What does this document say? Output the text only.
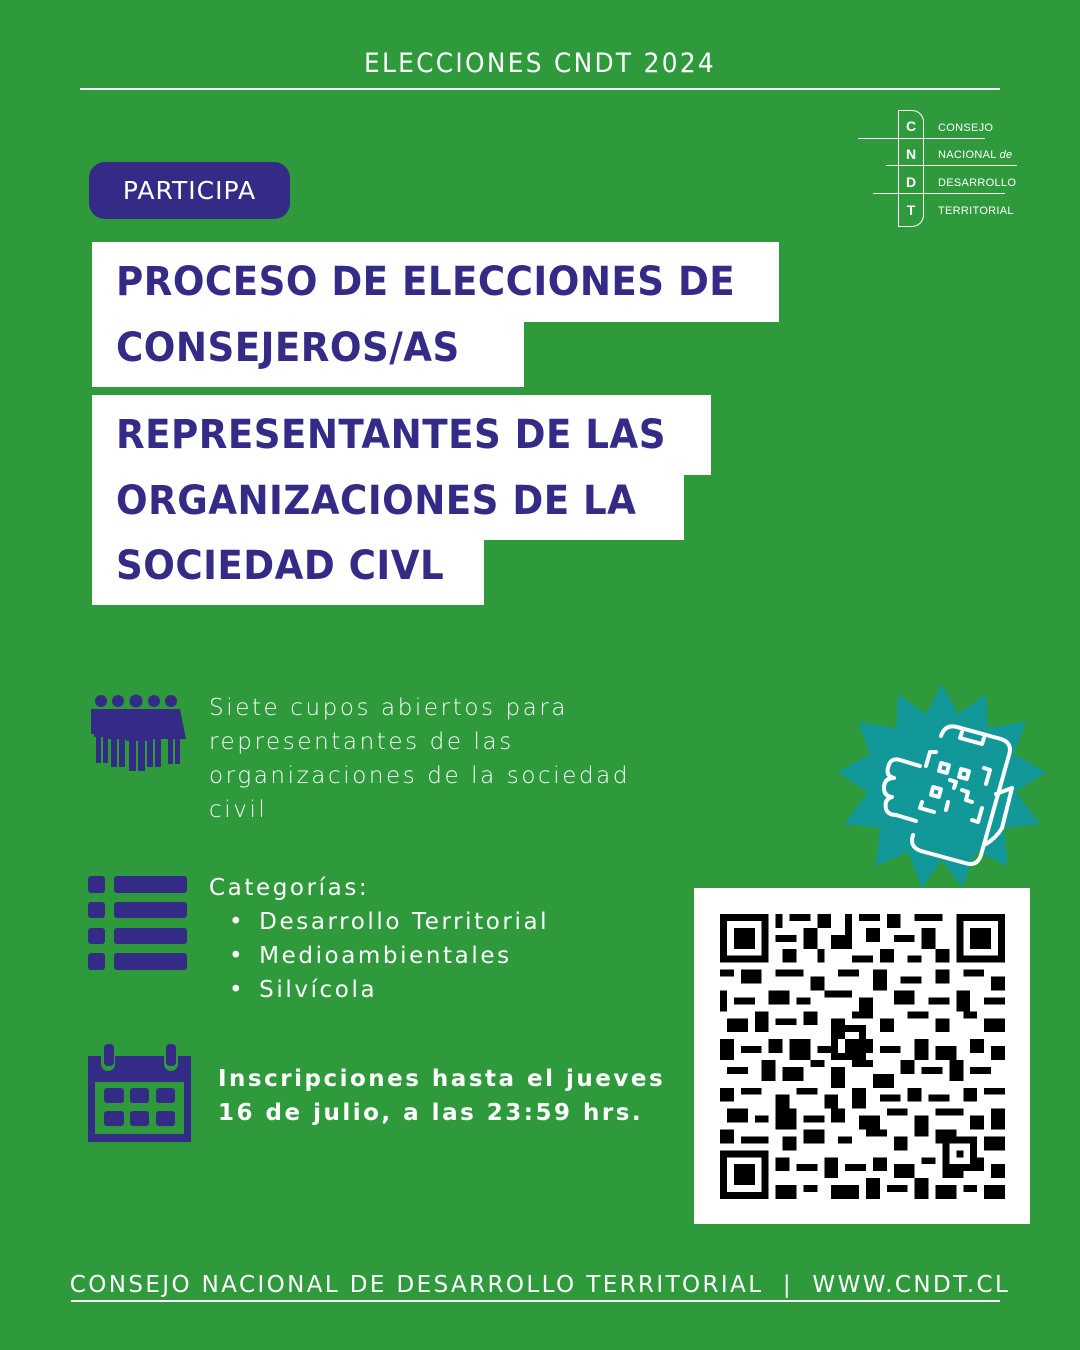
ELECCIONES CNDT 2024
C
N
D
T
CONSEJO
NACIONAL de
DESARROLLO
TERRITORIAL
PARTICIPA
PROCESO DE ELECCIONES DE
CONSEJEROS/AS
REPRESENTANTES DE LAS
ORGANIZACIONES DE LA
SOCIEDAD CIVL
Siete cupos abiertos para
representantes de las
organizaciones de la sociedad
civil
Categorías:
• Desarrollo Territorial
• Medioambientales
• Silvícola
Inscripciones hasta el jueves
16 de julio, a las 23:59 hrs.
CONSEJO NACIONAL DE DESARROLLO TERRITORIAL  |  WWW.CNDT.CL
